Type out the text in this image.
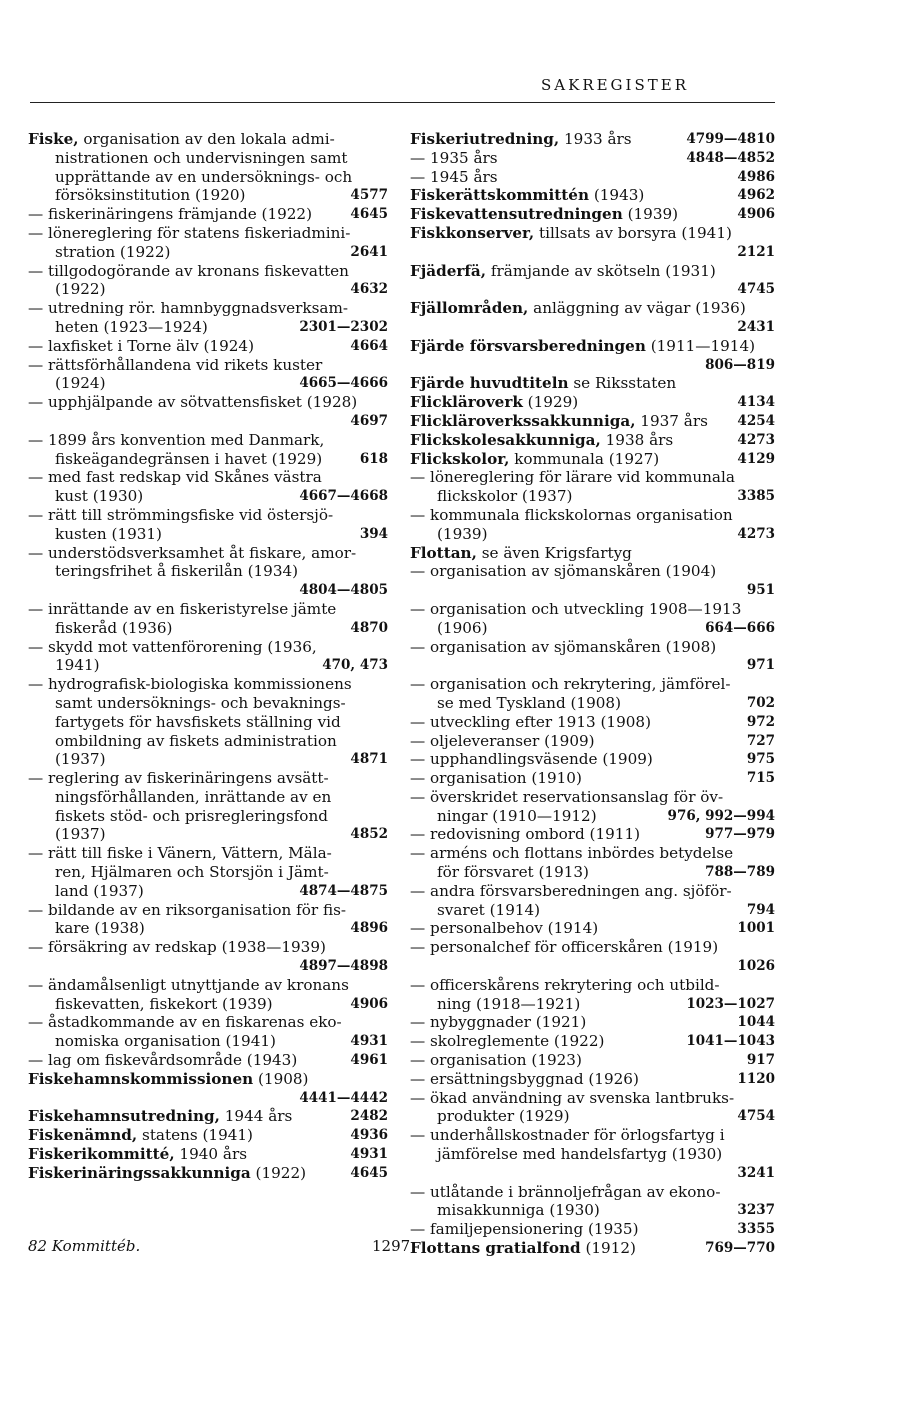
SAKREGISTER
Fiske, organisation av den lokala admi-
nistrationen och undervisningen samt
upprättande av en undersöknings- och
försöksinstitution (1920)	4577
— fiskerinäringens främjande (1922)	4645
— lönereglering för statens fiskeriadmini-
stration (1922)	2641
— tillgodogörande av kronans fiskevatten
(1922)	4632
— utredning rör. hamnbyggnadsverksam-
heten (1923—1924)	2301—2302
— laxfisket i Torne älv (1924)	4664
— rättsförhållandena vid rikets kuster
(1924)	4665—4666
— upphjälpande av sötvattensfisket (1928)
4697
— 1899 års konvention med Danmark,
fiskeägandegränsen i havet (1929)	618
— med fast redskap vid Skånes västra
kust (1930)	4667—4668
— rätt till strömmingsfiske vid östersjö-
kusten (1931)	394
— understödsverksamhet åt fiskare, amor-
teringsfrihet å fiskerilån (1934)
4804—4805
— inrättande av en fiskeristyrelse jämte
fiskeråd (1936)	4870
— skydd mot vattenförorening (1936,
1941)	470, 473
— hydrografisk-biologiska kommissionens
samt undersöknings- och bevaknings-
fartygets för havsfiskets ställning vid
ombildning av fiskets administration
(1937)	4871
— reglering av fiskerinäringens avsätt-
ningsförhållanden, inrättande av en
fiskets stöd- och prisregleringsfond
(1937)	4852
— rätt till fiske i Vänern, Vättern, Mäla-
ren, Hjälmaren och Storsjön i Jämt-
land (1937)	4874—4875
— bildande av en riksorganisation för fis-
kare (1938)	4896
— försäkring av redskap (1938—1939)
4897—4898
— ändamålsenligt utnyttjande av kronans
fiskevatten, fiskekort (1939)	4906
— åstadkommande av en fiskarenas eko-
nomiska organisation (1941)	4931
— lag om fiskevårdsområde (1943)	4961
Fiskehamnskommissionen (1908)
4441—4442
Fiskehamnsutredning, 1944 års	2482
Fiskenämnd, statens (1941)	4936
Fiskerikommitté, 1940 års	4931
Fiskerinäringssakkunniga (1922)	4645
Fiskeriutredning, 1933 års	4799—4810
— 1935 års	4848—4852
— 1945 års	4986
Fiskerättskommittén (1943)	4962
Fiskevattensutredningen (1939)	4906
Fiskkonserver, tillsats av borsyra (1941)
2121
Fjäderfä, främjande av skötseln (1931)
4745
Fjällområden, anläggning av vägar (1936)
2431
Fjärde försvarsberedningen (1911—1914)
806—819
Fjärde huvudtiteln se Riksstaten
Flickläroverk (1929)	4134
Flickläroverkssakkunniga, 1937 års 4254
Flickskolesakkunniga, 1938 års	4273
Flickskolor, kommunala (1927)	4129
— lönereglering för lärare vid kommunala
flickskolor (1937)	3385
— kommunala flickskolornas organisation
(1939)	4273
Flottan, se även Krigsfartyg
— organisation av sjömanskåren (1904)
951
— organisation och utveckling 1908—1913
(1906)	664—666
— organisation av sjömanskåren (1908)
971
— organisation och rekrytering, jämförel-
se med Tyskland (1908)	702
— utveckling efter 1913 (1908)	972
— oljeleveranser (1909)	727
— upphandlingsväsende (1909)	975
— organisation (1910)	715
— överskridet reservationsanslag för öv-
ningar (1910—1912)	976, 992—994
— redovisning ombord (1911)	977—979
— arméns och flottans inbördes betydelse
för försvaret (1913)	788—789
— andra försvarsberedningen ang. sjöför-
svaret (1914)	794
— personalbehov (1914)	1001
— personalchef för officerskåren (1919)
1026
— officerskårens rekrytering och utbild-
ning (1918—1921)	1023—1027
— nybyggnader (1921)	1044
— skolreglemente (1922)	1041—1043
— organisation (1923)	917
— ersättningsbyggnad (1926)	1120
— ökad användning av svenska lantbruks-
produkter (1929)	4754
— underhållskostnader för örlogsfartyg i
jämförelse med handelsfartyg (1930)
3241
— utlåtande i brännoljefrågan av ekono-
misakkunniga (1930)	3237
— familjepensionering (1935)	3355
Flottans gratialfond (1912)	769—770
82 Kommittéb.	1297
